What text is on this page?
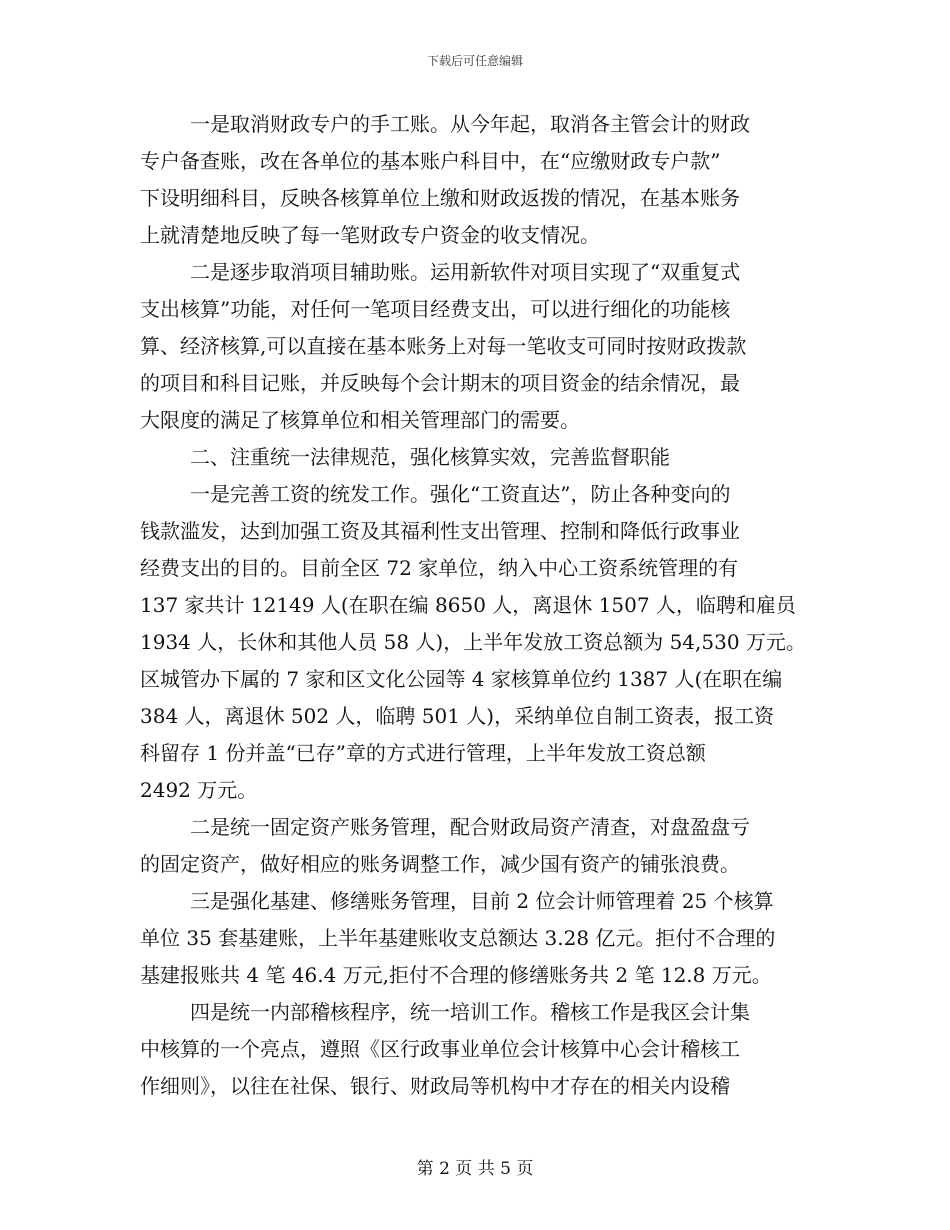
下载后可任意编辑
一是取消财政专户的手工账。从今年起，取消各主管会计的财政
专户备查账，改在各单位的基本账户科目中，在“应缴财政专户款”
下设明细科目，反映各核算单位上缴和财政返拨的情况，在基本账务
上就清楚地反映了每一笔财政专户资金的收支情况。
二是逐步取消项目辅助账。运用新软件对项目实现了“双重复式
支出核算”功能，对任何一笔项目经费支出，可以进行细化的功能核
算、经济核算,可以直接在基本账务上对每一笔收支可同时按财政拨款
的项目和科目记账，并反映每个会计期末的项目资金的结余情况，最
大限度的满足了核算单位和相关管理部门的需要。
二、注重统一法律规范，强化核算实效，完善监督职能
一是完善工资的统发工作。强化“工资直达”，防止各种变向的
钱款滥发，达到加强工资及其福利性支出管理、控制和降低行政事业
经费支出的目的。目前全区 72 家单位，纳入中心工资系统管理的有
137 家共计 12149 人(在职在编 8650 人，离退休 1507 人，临聘和雇员
1934 人，长休和其他人员 58 人)，上半年发放工资总额为 54,530 万元。
区城管办下属的 7 家和区文化公园等 4 家核算单位约 1387 人(在职在编
384 人，离退休 502 人，临聘 501 人)，采纳单位自制工资表，报工资
科留存 1 份并盖“已存”章的方式进行管理，上半年发放工资总额
2492 万元。
二是统一固定资产账务管理，配合财政局资产清查，对盘盈盘亏
的固定资产，做好相应的账务调整工作，减少国有资产的铺张浪费。
三是强化基建、修缮账务管理，目前 2 位会计师管理着 25 个核算
单位 35 套基建账，上半年基建账收支总额达 3.28 亿元。拒付不合理的
基建报账共 4 笔 46.4 万元,拒付不合理的修缮账务共 2 笔 12.8 万元。
四是统一内部稽核程序，统一培训工作。稽核工作是我区会计集
中核算的一个亮点，遵照《区行政事业单位会计核算中心会计稽核工
作细则》，以往在社保、银行、财政局等机构中才存在的相关内设稽
第 2 页 共 5 页
